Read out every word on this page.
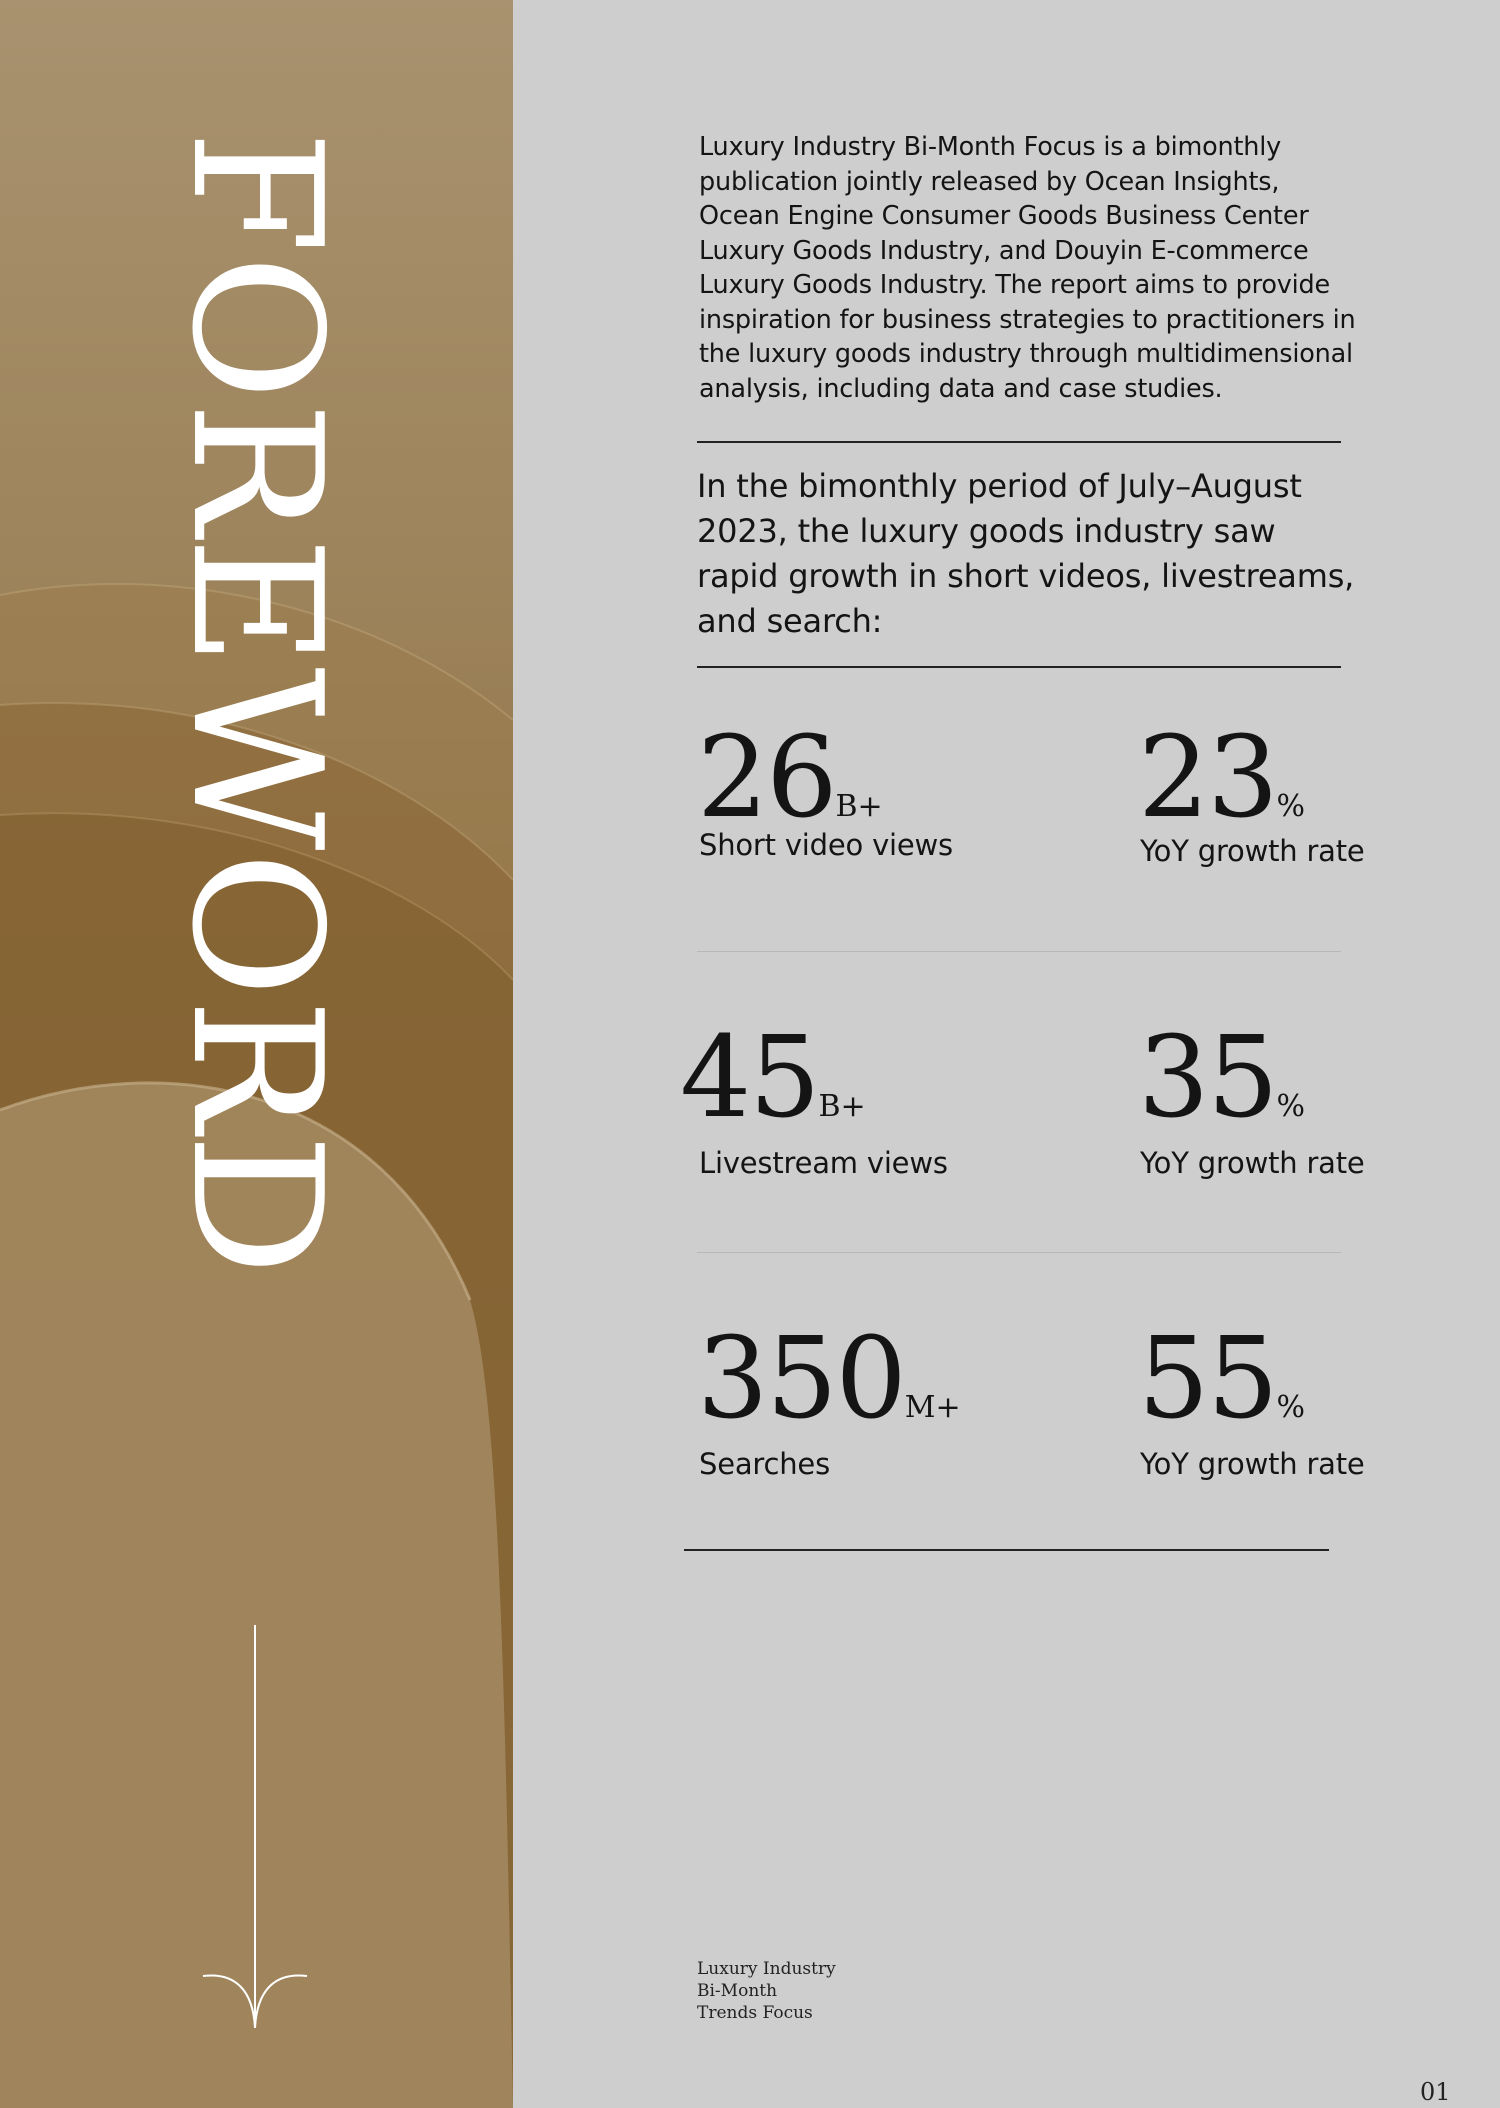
FOREWORD	Luxury Industry Bi-Month Focus is a bimonthly publication jointly released by Ocean Insights, Ocean Engine Consumer Goods Business Center Luxury Goods Industry, and Douyin E-commerce Luxury Goods Industry. The report aims to provide inspiration for business strategies to practitioners in the luxury goods industry through multidimensional analysis, including data and case studies.
In the bimonthly period of July–August 2023, the luxury goods industry saw rapid growth in short videos, livestreams, and search:
26B+
Short video views
23%
YoY growth rate
45B+
Livestream views
35%
YoY growth rate
350M+
Searches
55%
YoY growth rate
Luxury Industry
Bi-Month
Trends Focus
01
